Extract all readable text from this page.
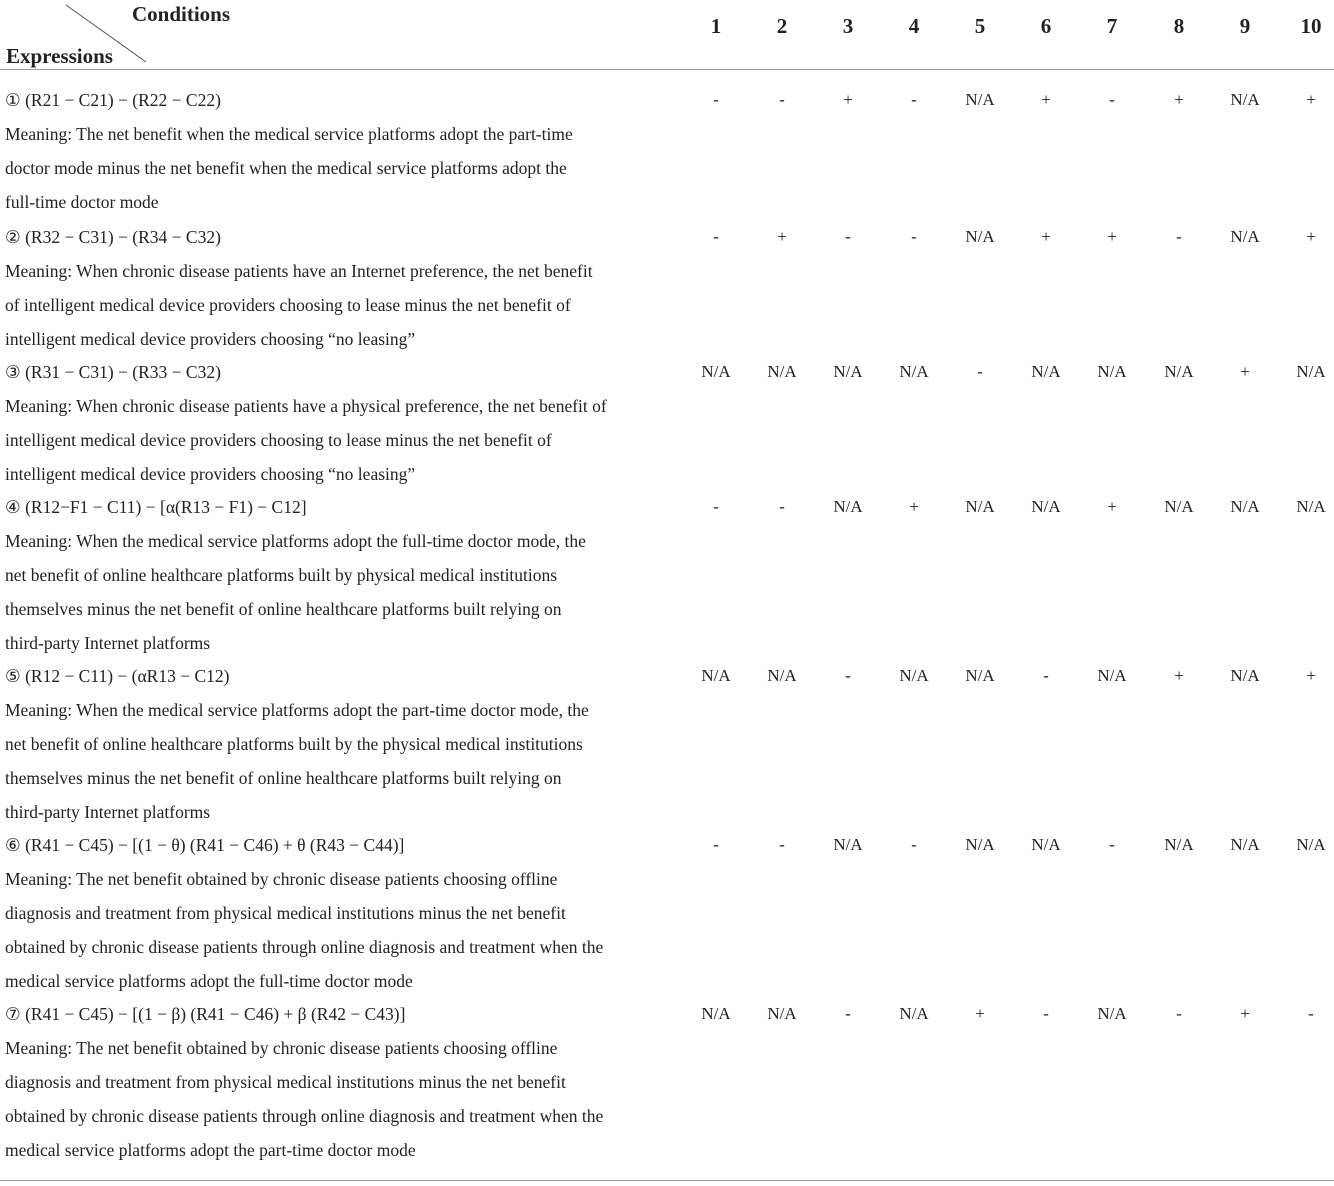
Conditions
Expressions
1	2	3	4	5	6	7	8	9	10
① (R21 − C21) − (R22 − C22)
Meaning: The net benefit when the medical service platforms adopt the part-time
doctor mode minus the net benefit when the medical service platforms adopt the
full-time doctor mode
-	-	+	-	N/A	+	-	+	N/A	+
② (R32 − C31) − (R34 − C32)
Meaning: When chronic disease patients have an Internet preference, the net benefit
of intelligent medical device providers choosing to lease minus the net benefit of
intelligent medical device providers choosing “no leasing”
-	+	-	-	N/A	+	+	-	N/A	+
③ (R31 − C31) − (R33 − C32)
Meaning: When chronic disease patients have a physical preference, the net benefit of
intelligent medical device providers choosing to lease minus the net benefit of
intelligent medical device providers choosing “no leasing”
N/A	N/A	N/A	N/A	-	N/A	N/A	N/A	+	N/A
④ (R12−F1 − C11) − [α(R13 − F1) − C12]
Meaning: When the medical service platforms adopt the full-time doctor mode, the
net benefit of online healthcare platforms built by physical medical institutions
themselves minus the net benefit of online healthcare platforms built relying on
third-party Internet platforms
-	-	N/A	+	N/A	N/A	+	N/A	N/A	N/A
⑤ (R12 − C11) − (αR13 − C12)
Meaning: When the medical service platforms adopt the part-time doctor mode, the
net benefit of online healthcare platforms built by the physical medical institutions
themselves minus the net benefit of online healthcare platforms built relying on
third-party Internet platforms
N/A	N/A	-	N/A	N/A	-	N/A	+	N/A	+
⑥ (R41 − C45) − [(1 − θ) (R41 − C46) + θ (R43 − C44)]
Meaning: The net benefit obtained by chronic disease patients choosing offline
diagnosis and treatment from physical medical institutions minus the net benefit
obtained by chronic disease patients through online diagnosis and treatment when the
medical service platforms adopt the full-time doctor mode
-	-	N/A	-	N/A	N/A	-	N/A	N/A	N/A
⑦ (R41 − C45) − [(1 − β) (R41 − C46) + β (R42 − C43)]
Meaning: The net benefit obtained by chronic disease patients choosing offline
diagnosis and treatment from physical medical institutions minus the net benefit
obtained by chronic disease patients through online diagnosis and treatment when the
medical service platforms adopt the part-time doctor mode
N/A	N/A	-	N/A	+	-	N/A	-	+	-
